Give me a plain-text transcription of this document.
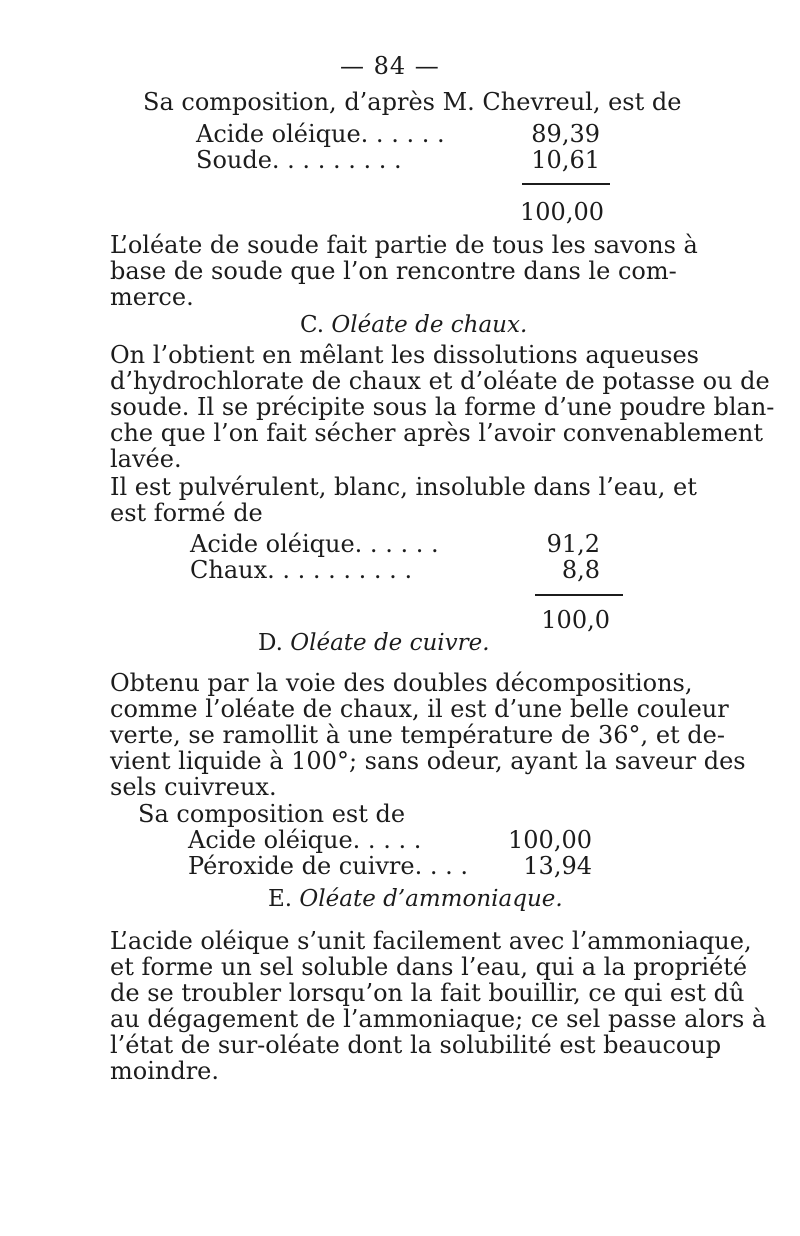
— 84 —
Sa composition, d’après M. Chevreul, est de
Acide oléique. . . . . .	89,39
Soude. . . . . . . . .	10,61
100,00
L’oléate de soude fait partie de tous les savons à
base de soude que l’on rencontre dans le com-
merce.
C. Oléate de chaux.
On l’obtient en mêlant les dissolutions aqueuses
d’hydrochlorate de chaux et d’oléate de potasse ou de
soude. Il se précipite sous la forme d’une poudre blan-
che que l’on fait sécher après l’avoir convenablement
lavée.
Il est pulvérulent, blanc, insoluble dans l’eau, et
est formé de
Acide oléique. . . . . .	91,2
Chaux. . . . . . . . . .	8,8
100,0
D. Oléate de cuivre.
Obtenu par la voie des doubles décompositions,
comme l’oléate de chaux, il est d’une belle couleur
verte, se ramollit à une température de 36°, et de-
vient liquide à 100°; sans odeur, ayant la saveur des
sels cuivreux.
Sa composition est de
Acide oléique. . . . .	100,00
Péroxide de cuivre. . . .	13,94
E. Oléate d’ammoniaque.
L’acide oléique s’unit facilement avec l’ammoniaque,
et forme un sel soluble dans l’eau, qui a la propriété
de se troubler lorsqu’on la fait bouillir, ce qui est dû
au dégagement de l’ammoniaque; ce sel passe alors à
l’état de sur-oléate dont la solubilité est beaucoup
moindre.
